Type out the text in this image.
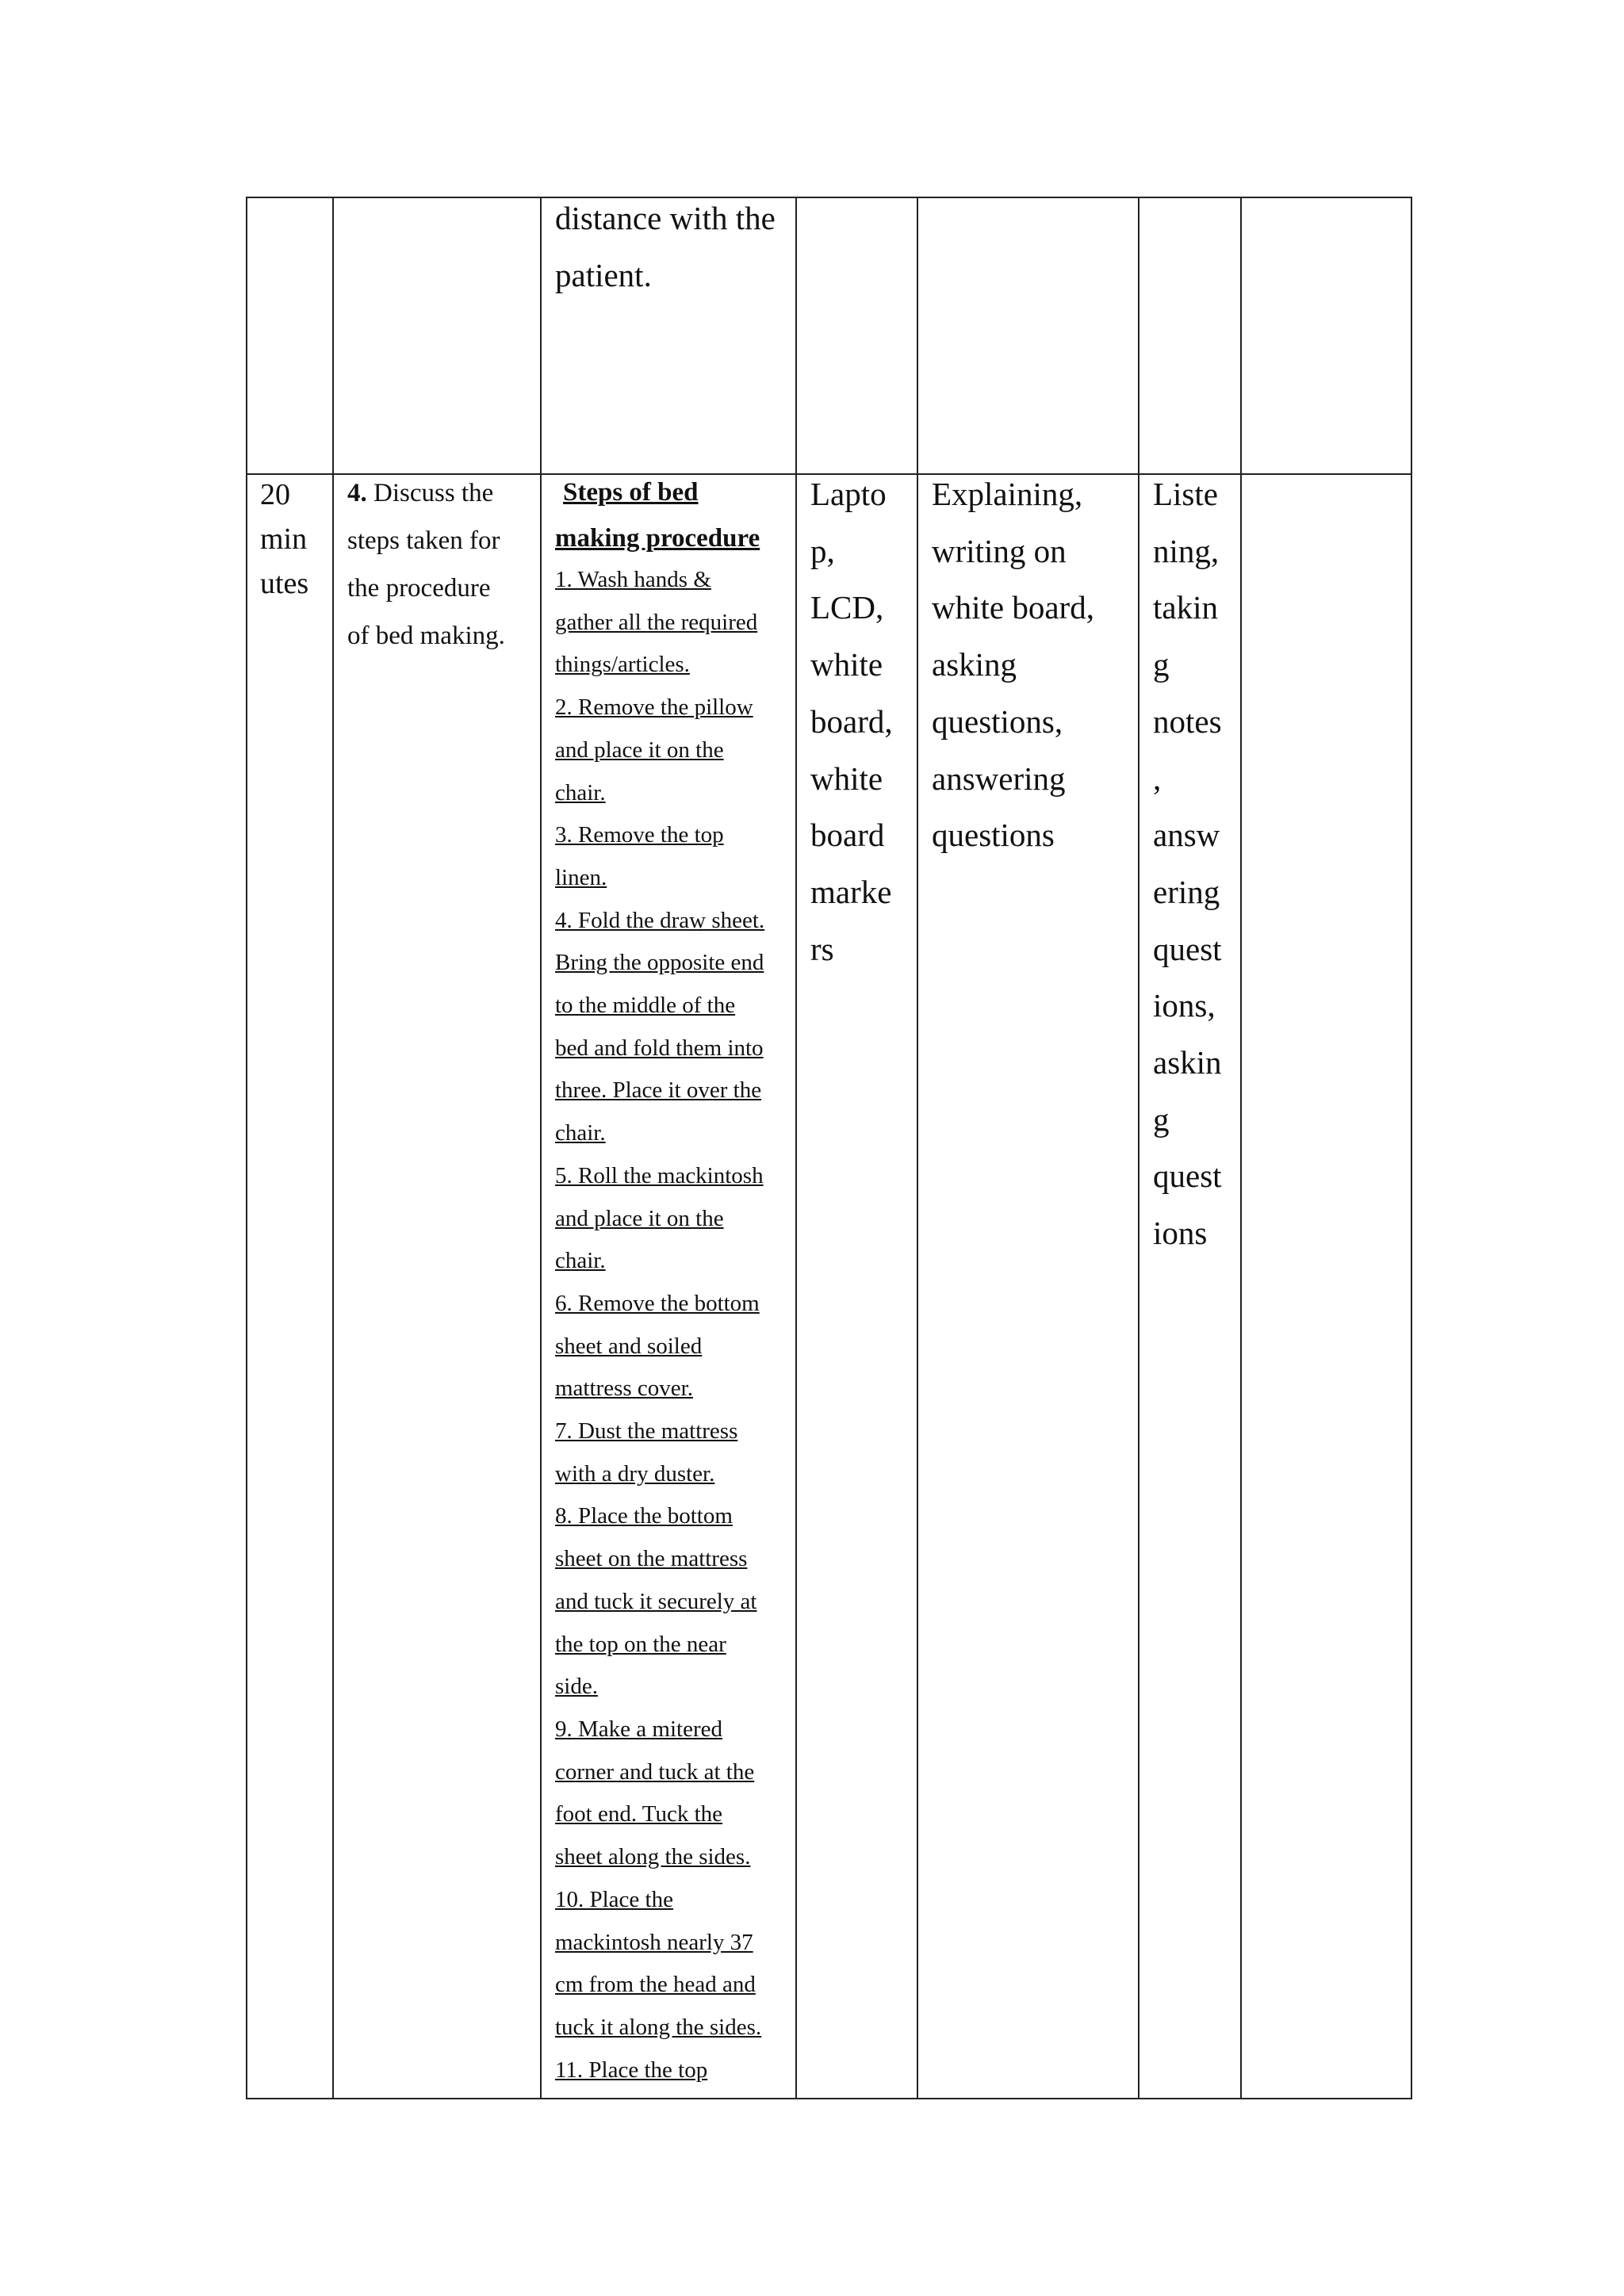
distance with the
patient.
20
min
utes
4. Discuss the
steps taken for
the procedure
of bed making.
Steps of bed
making procedure
1. Wash hands &
gather all the required
things/articles.
2. Remove the pillow
and place it on the
chair.
3. Remove the top
linen.
4. Fold the draw sheet.
Bring the opposite end
to the middle of the
bed and fold them into
three. Place it over the
chair.
5. Roll the mackintosh
and place it on the
chair.
6. Remove the bottom
sheet and soiled
mattress cover.
7. Dust the mattress
with a dry duster.
8. Place the bottom
sheet on the mattress
and tuck it securely at
the top on the near
side.
9. Make a mitered
corner and tuck at the
foot end. Tuck the
sheet along the sides.
10. Place the
mackintosh nearly 37
cm from the head and
tuck it along the sides.
11. Place the top
Lapto
p,
LCD,
white
board,
white
board
marke
rs
Explaining,
writing on
white board,
asking
questions,
answering
questions
Liste
ning,
takin
g
notes
,
answ
ering
quest
ions,
askin
g
quest
ions
